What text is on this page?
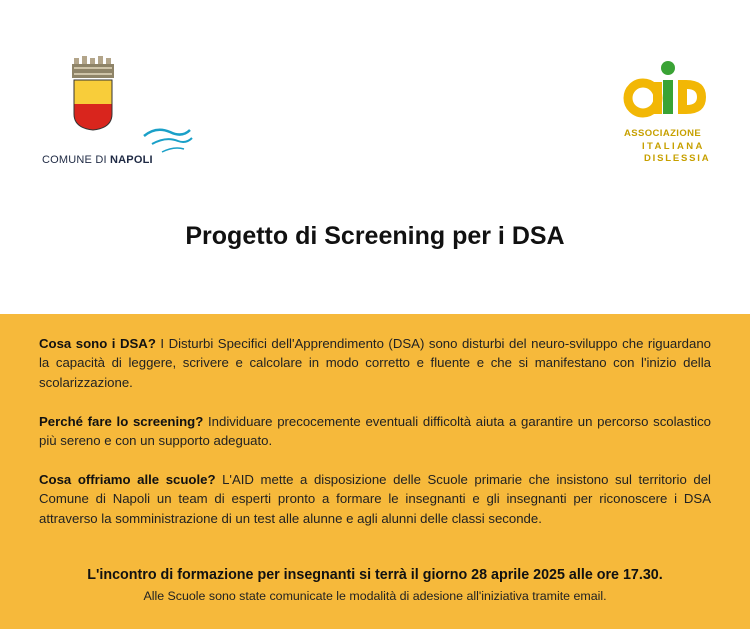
COMUNE DI NAPOLI
ASSOCIAZIONE
ITALIANA
DISLESSIA
Progetto di Screening per i DSA

Cosa sono i DSA? I Disturbi Specifici dell'Apprendimento (DSA) sono disturbi del neuro-sviluppo che riguardano la capacità di leggere, scrivere e calcolare in modo corretto e fluente e che si manifestano con l'inizio della scolarizzazione.

Perché fare lo screening? Individuare precocemente eventuali difficoltà aiuta a garantire un percorso scolastico più sereno e con un supporto adeguato.

Cosa offriamo alle scuole? L'AID mette a disposizione delle Scuole primarie che insistono sul territorio del Comune di Napoli un team di esperti pronto a formare le insegnanti e gli insegnanti per riconoscere i DSA attraverso la somministrazione di un test alle alunne e agli alunni delle classi seconde.

L'incontro di formazione per insegnanti si terrà il giorno 28 aprile 2025 alle ore 17.30.
Alle Scuole sono state comunicate le modalità di adesione all'iniziativa tramite email.
